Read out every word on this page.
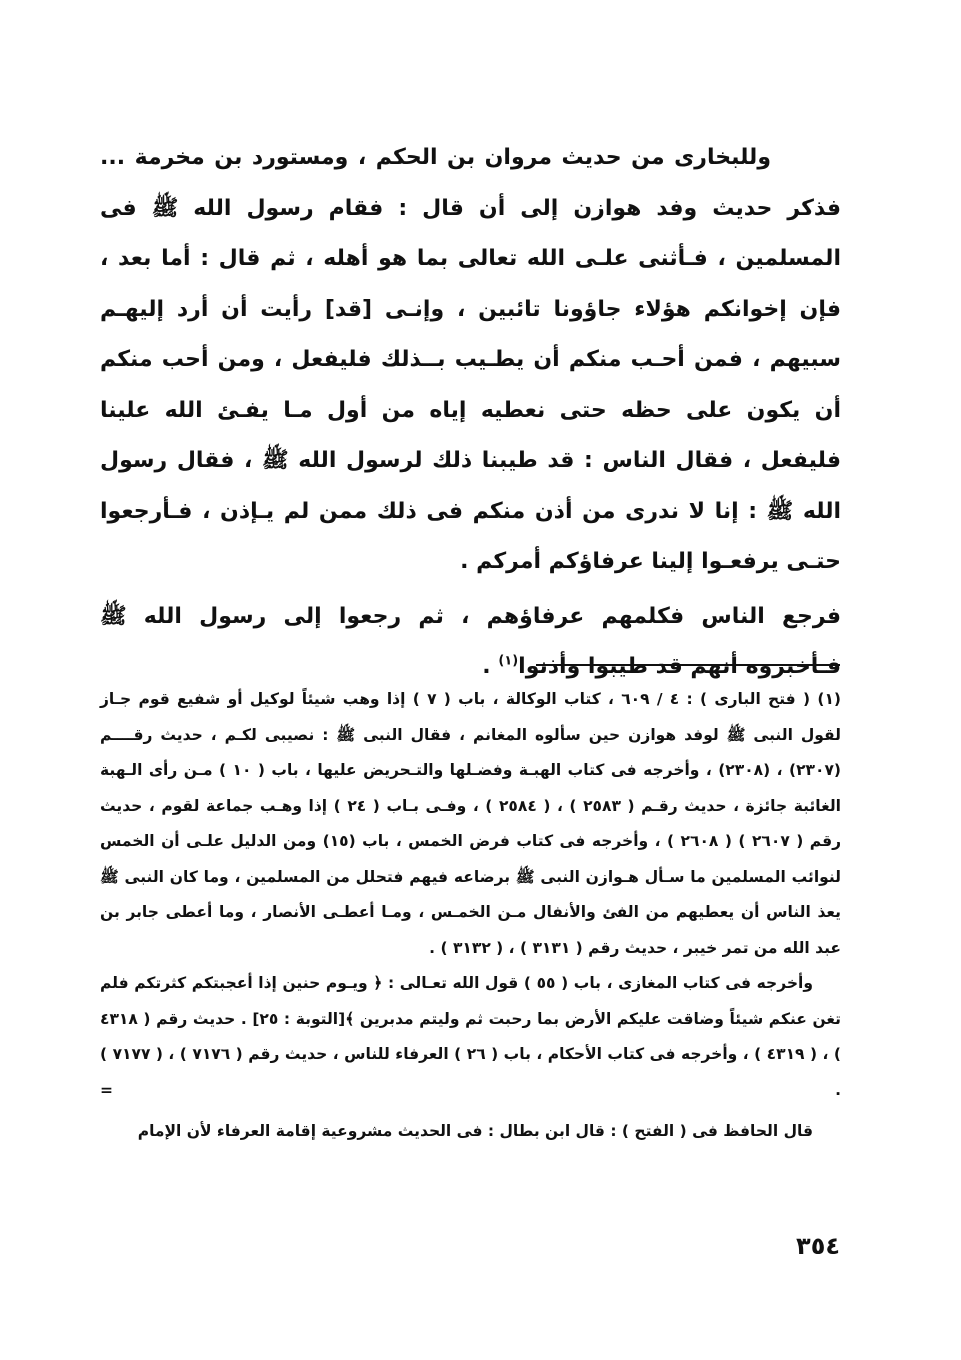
وللبخارى من حديث مروان بن الحكم ، ومستورد بن مخرمة ... فذكر حديث وفد هوازن إلى أن قال : فقام رسول الله ﷺ فى المسلمين ، فـأثنى علـى الله تعالى بما هو أهله ، ثم قال : أما بعد ، فإن إخوانكم هؤلاء جاؤونا تائبين ، وإنـى [قد] رأيت أن أرد إليهـم سبيهم ، فمن أحـب منكم أن يطـيب بــذلك فليفعل ، ومن أحب منكم أن يكون على حظه حتى نعطيه إياه من أول مـا يفـئ الله علينا فليفعل ، فقال الناس : قد طيبنا ذلك لرسول الله ﷺ ، فقال رسول الله ﷺ : إنا لا ندرى من أذن منكم فى ذلك ممن لم يـإذن ، فـأرجعوا حتـى يرفعـوا إلينا عرفاؤكم أمركم .

فرجع الناس فكلمهم عرفاؤهم ، ثم رجعوا إلى رسول الله ﷺ فـأخبروه أنهم قد طيبوا وأذنوا$^{(١)}$ .

(١) ( فتح البارى ) : ٤ / ٦٠٩ ، كتاب الوكالة ، باب ( ٧ ) إذا وهب شيئاً لوكيل أو شفيع قوم جـاز لقول النبى ﷺ لوفد هوازن حين سألوه المغانم ، فقال النبى ﷺ : نصيبى لكـم ، حديث رقــــم (٢٣٠٧) ، (٢٣٠٨) ، وأخرجه فى كتاب الهبـة وفضـلها والتـحريض عليها ، باب ( ١٠ ) مـن رأى الـهبة الغائبة جائزة ، حديث رقـم ( ٢٥٨٣ ) ، ( ٢٥٨٤ ) ، وفـى بـاب ( ٢٤ ) إذا وهـب جماعة لقوم ، حديث رقم ( ٢٦٠٧ ) ( ٢٦٠٨ ) ، وأخرجه فى كتاب فرض الخمس ، باب (١٥) ومن الدليل علـى أن الخمس لنوائب المسلمين ما سـأل هـوازن النبى ﷺ برضاعه فيهم فتحلل من المسلمين ، وما كان النبى ﷺ يعذ الناس أن يعطيهم من الفئ والأنفال مـن الخمـس ، ومـا أعطـى الأنصار ، وما أعطى جابر بن عبد الله من تمر خيبر ، حديث رقم ( ٣١٣١ ) ، ( ٣١٣٢ ) .

وأخرجه فى كتاب المغازى ، باب ( ٥٥ ) قول الله تعـالى : ﴿ ويـوم حنين إذا أعجبتكم كثرتكم فلم تغن عنكم شيئاً وضاقت عليكم الأرض بما رحبت ثم وليتم مدبرين ﴾[التوبة : ٢٥] . حديث رقم ( ٤٣١٨ ) ، ( ٤٣١٩ ) ، وأخرجه فى كتاب الأحكام ، باب ( ٢٦ ) العرفاء للناس ، حديث رقم ( ٧١٧٦ ) ، ( ٧١٧٧ ) .
=

قال الحافظ فى ( الفتح ) : قال ابن بطال : فى الحديث مشروعية إقامة العرفاء لأن الإمام

٣٥٤
